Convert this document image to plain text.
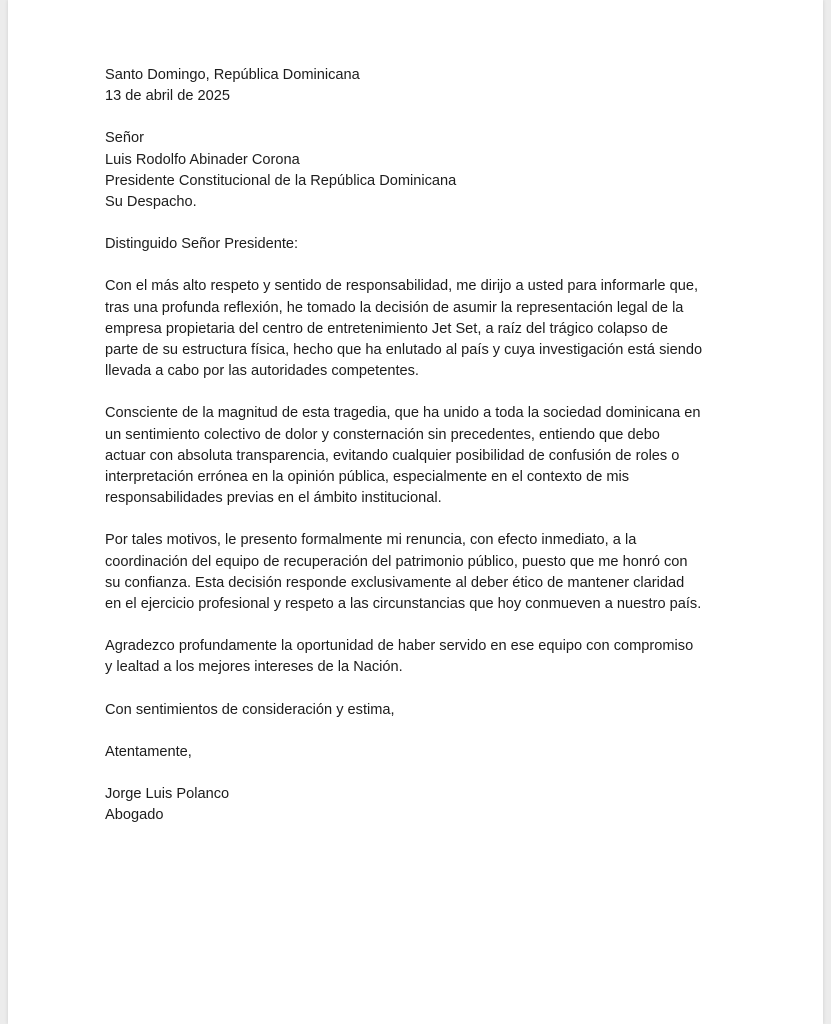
Santo Domingo, República Dominicana
13 de abril de 2025
Señor
Luis Rodolfo Abinader Corona
Presidente Constitucional de la República Dominicana
Su Despacho.
Distinguido Señor Presidente:
Con el más alto respeto y sentido de responsabilidad, me dirijo a usted para informarle que,
tras una profunda reflexión, he tomado la decisión de asumir la representación legal de la
empresa propietaria del centro de entretenimiento Jet Set, a raíz del trágico colapso de
parte de su estructura física, hecho que ha enlutado al país y cuya investigación está siendo
llevada a cabo por las autoridades competentes.
Consciente de la magnitud de esta tragedia, que ha unido a toda la sociedad dominicana en
un sentimiento colectivo de dolor y consternación sin precedentes, entiendo que debo
actuar con absoluta transparencia, evitando cualquier posibilidad de confusión de roles o
interpretación errónea en la opinión pública, especialmente en el contexto de mis
responsabilidades previas en el ámbito institucional.
Por tales motivos, le presento formalmente mi renuncia, con efecto inmediato, a la
coordinación del equipo de recuperación del patrimonio público, puesto que me honró con
su confianza. Esta decisión responde exclusivamente al deber ético de mantener claridad
en el ejercicio profesional y respeto a las circunstancias que hoy conmueven a nuestro país.
Agradezco profundamente la oportunidad de haber servido en ese equipo con compromiso
y lealtad a los mejores intereses de la Nación.
Con sentimientos de consideración y estima,
Atentamente,
Jorge Luis Polanco
Abogado
